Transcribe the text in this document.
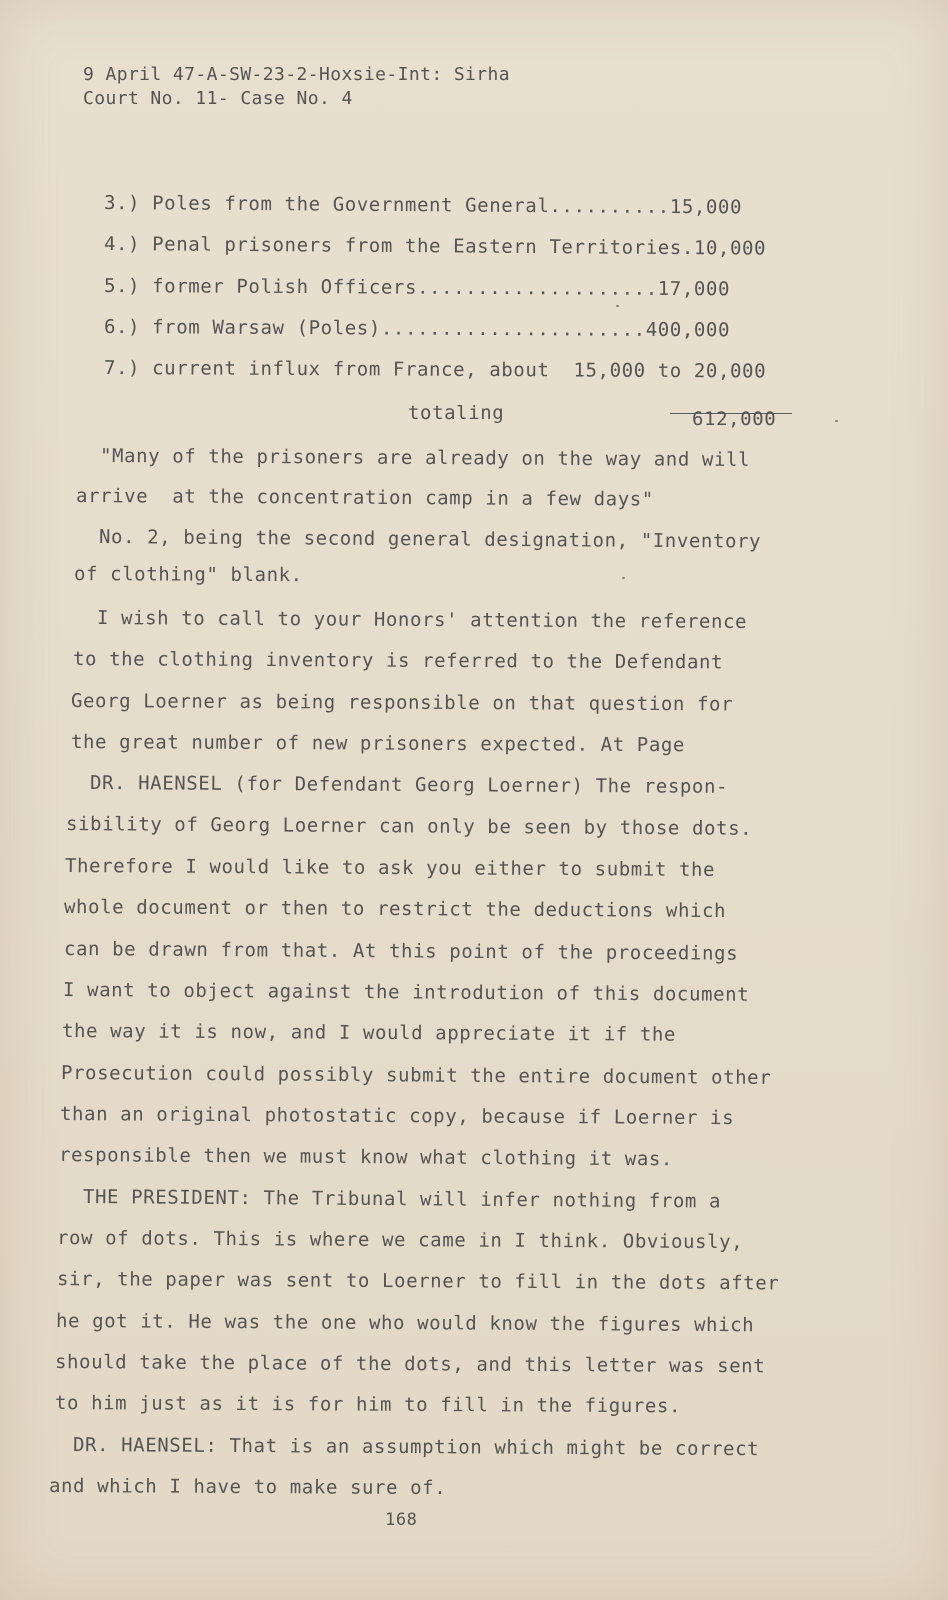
9 April 47-A-SW-23-2-Hoxsie-Int: Sirha
Court No. 11- Case No. 4
3.) Poles from the Government General..........15,000
4.) Penal prisoners from the Eastern Territories.10,000
5.) former Polish Officers....................17,000
6.) from Warsaw (Poles)......................400,000
7.) current influx from France, about  15,000 to 20,000
totaling	612,000
"Many of the prisoners are already on the way and will
arrive  at the concentration camp in a few days"
No. 2, being the second general designation, "Inventory
of clothing" blank.
I wish to call to your Honors' attention the reference
to the clothing inventory is referred to the Defendant
Georg Loerner as being responsible on that question for
the great number of new prisoners expected. At Page
DR. HAENSEL (for Defendant Georg Loerner) The respon-
sibility of Georg Loerner can only be seen by those dots.
Therefore I would like to ask you either to submit the
whole document or then to restrict the deductions which
can be drawn from that. At this point of the proceedings
I want to object against the introdution of this document
the way it is now, and I would appreciate it if the
Prosecution could possibly submit the entire document other
than an original photostatic copy, because if Loerner is
responsible then we must know what clothing it was.
THE PRESIDENT: The Tribunal will infer nothing from a
row of dots. This is where we came in I think. Obviously,
sir, the paper was sent to Loerner to fill in the dots after
he got it. He was the one who would know the figures which
should take the place of the dots, and this letter was sent
to him just as it is for him to fill in the figures.
DR. HAENSEL: That is an assumption which might be correct
and which I have to make sure of.
168
